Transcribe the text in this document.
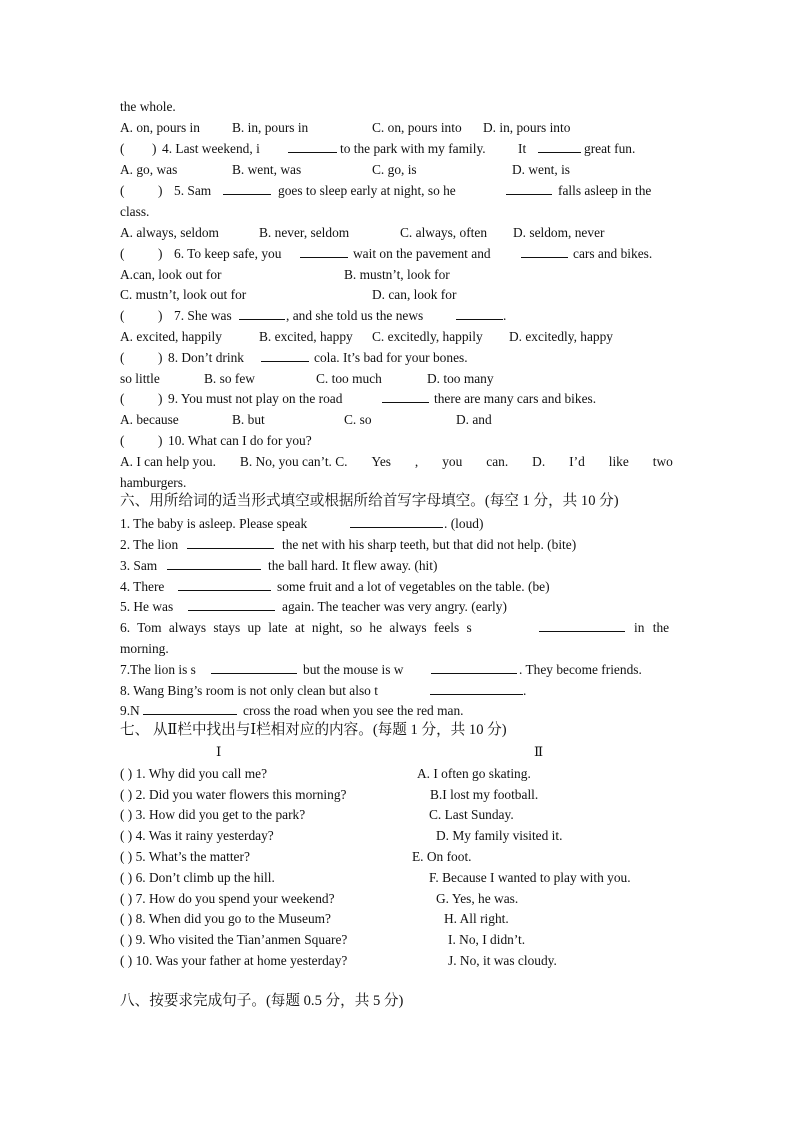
the whole.
A. on, pours in B. in, pours in	C. on, pours into D. in, pours into
( ) 4. Last weekend, i	to the park with my family. It	great fun.
A. go, was	B. went, was	C. go, is	D. went, is
(	) 5. Sam	goes to sleep early at night, so he	falls asleep in the
class.
A. always, seldom	B. never, seldom	C. always, often D. seldom, never
(	) 6. To keep safe, you	wait on the pavement and	cars and bikes.
A.can, look out for	B. mustn’t, look for
C. mustn’t, look out for	D. can, look for
(	) 7. She was	, and she told us the news	.
A. excited, happily	B. excited, happy C. excitedly, happily D. excitedly, happy
(	) 8. Don’t drink	cola. It’s bad for your bones.
so little	B. so few	C. too much	D. too many
(	) 9. You must not play on the road	there are many cars and bikes.
A. because	B. but	C. so	D. and
(	) 10. What can I do for you?
A. I can help you. B. No, you can’t. C. Yes , you can. D. I’d like two
hamburgers.
六、用所给词的适当形式填空或根据所给首写字母填空。(每空 1 分，共 10 分)
1. The baby is asleep. Please speak	. (loud)
2. The lion	the net with his sharp teeth, but that did not help. (bite)
3. Sam	the ball hard. It flew away. (hit)
4. There	some fruit and a lot of vegetables on the table. (be)
5. He was	again. The teacher was very angry. (early)
6. Tom always stays up late at night, so he always feels s	in the
morning.
7.The lion is s	but the mouse is w	. They become friends.
8. Wang Bing’s room is not only clean but also t	.
9.N	cross the road when you see the red man.
七、 从Ⅱ栏中找出与Ⅰ栏相对应的内容。(每题 1 分，共 10 分)
Ⅰ	Ⅱ
( ) 1. Why did you call me?	A. I often go skating.
( ) 2. Did you water flowers this morning?	B.I lost my football.
( ) 3. How did you get to the park?	C. Last Sunday.
( ) 4. Was it rainy yesterday?	D. My family visited it.
( ) 5. What’s the matter?	E. On foot.
( ) 6. Don’t climb up the hill.	F. Because I wanted to play with you.
( ) 7. How do you spend your weekend?	G. Yes, he was.
( ) 8. When did you go to the Museum?	H. All right.
( ) 9. Who visited the Tian’anmen Square?	I. No, I didn’t.
( ) 10. Was your father at home yesterday?	J. No, it was cloudy.
八、按要求完成句子。(每题 0.5 分，共 5 分)
